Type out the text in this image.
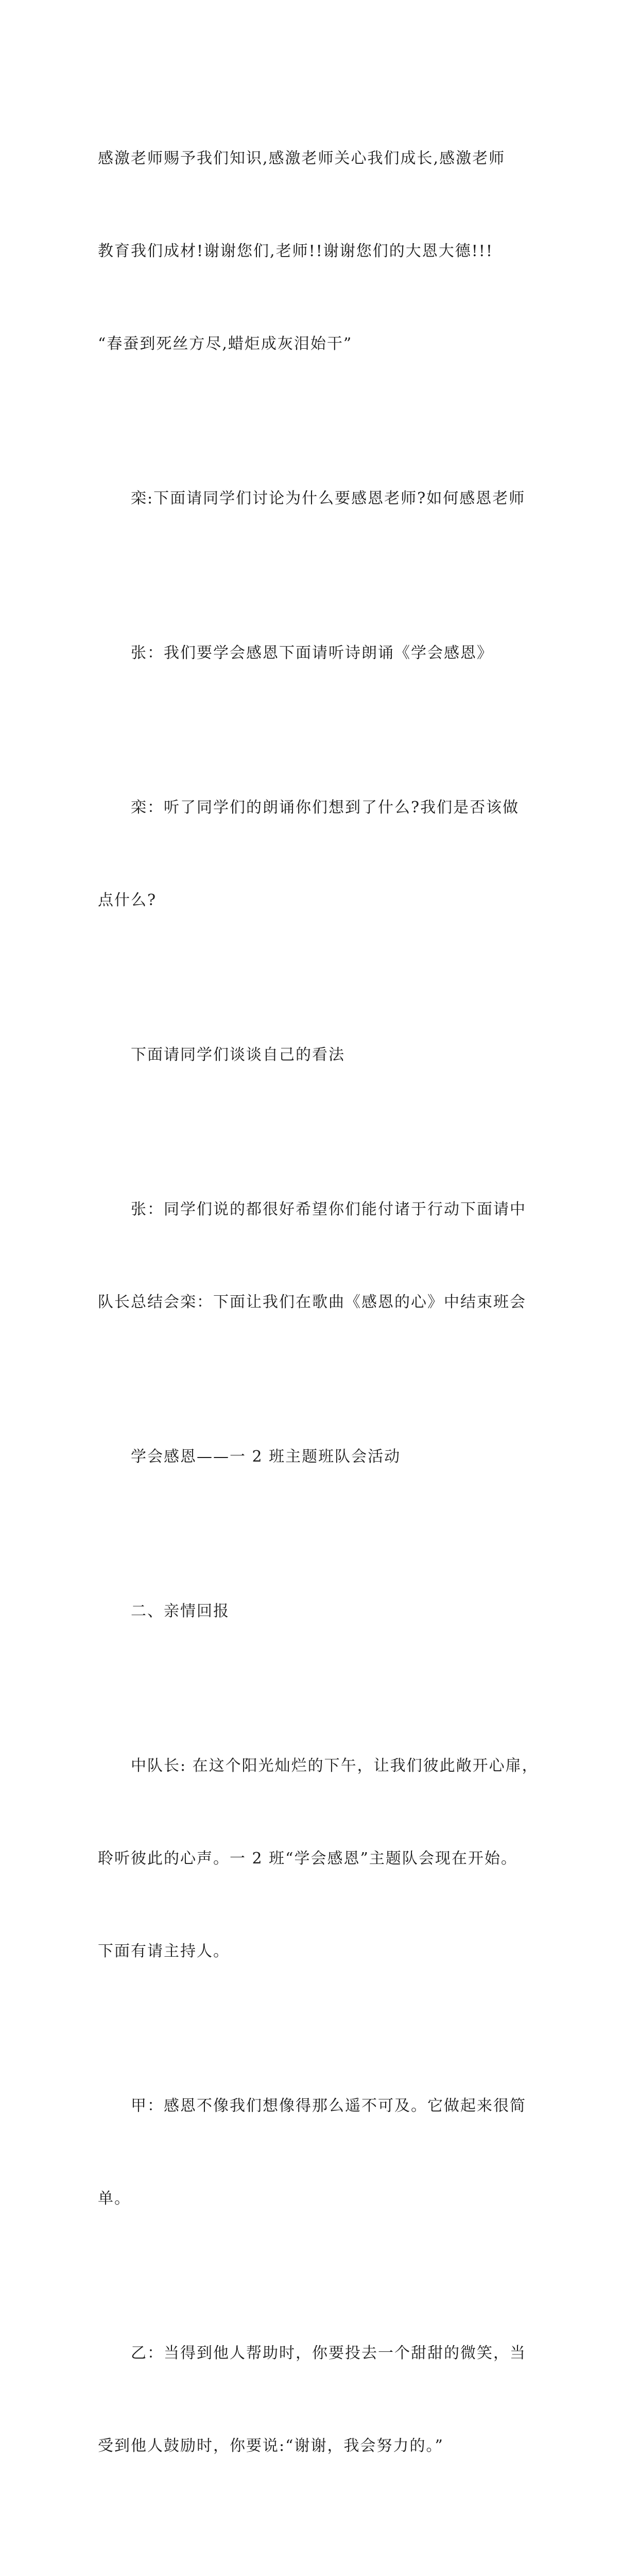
感激老师赐予我们知识,感激老师关心我们成长,感激老师

教育我们成材!谢谢您们,老师!!谢谢您们的大恩大德!!!

“春蚕到死丝方尽,蜡炬成灰泪始干”

栾:下面请同学们讨论为什么要感恩老师?如何感恩老师

张：我们要学会感恩下面请听诗朗诵《学会感恩》

栾：听了同学们的朗诵你们想到了什么?我们是否该做

点什么?

下面请同学们谈谈自己的看法

张：同学们说的都很好希望你们能付诸于行动下面请中

队长总结会栾：下面让我们在歌曲《感恩的心》中结束班会

学会感恩——一 2 班主题班队会活动

二、亲情回报

中队长: 在这个阳光灿烂的下午，让我们彼此敞开心扉，

聆听彼此的心声。一 2 班“学会感恩”主题队会现在开始。

下面有请主持人。

甲：感恩不像我们想像得那么遥不可及。它做起来很简

单。

乙：当得到他人帮助时，你要投去一个甜甜的微笑，当

受到他人鼓励时，你要说:“谢谢，我会努力的。”
